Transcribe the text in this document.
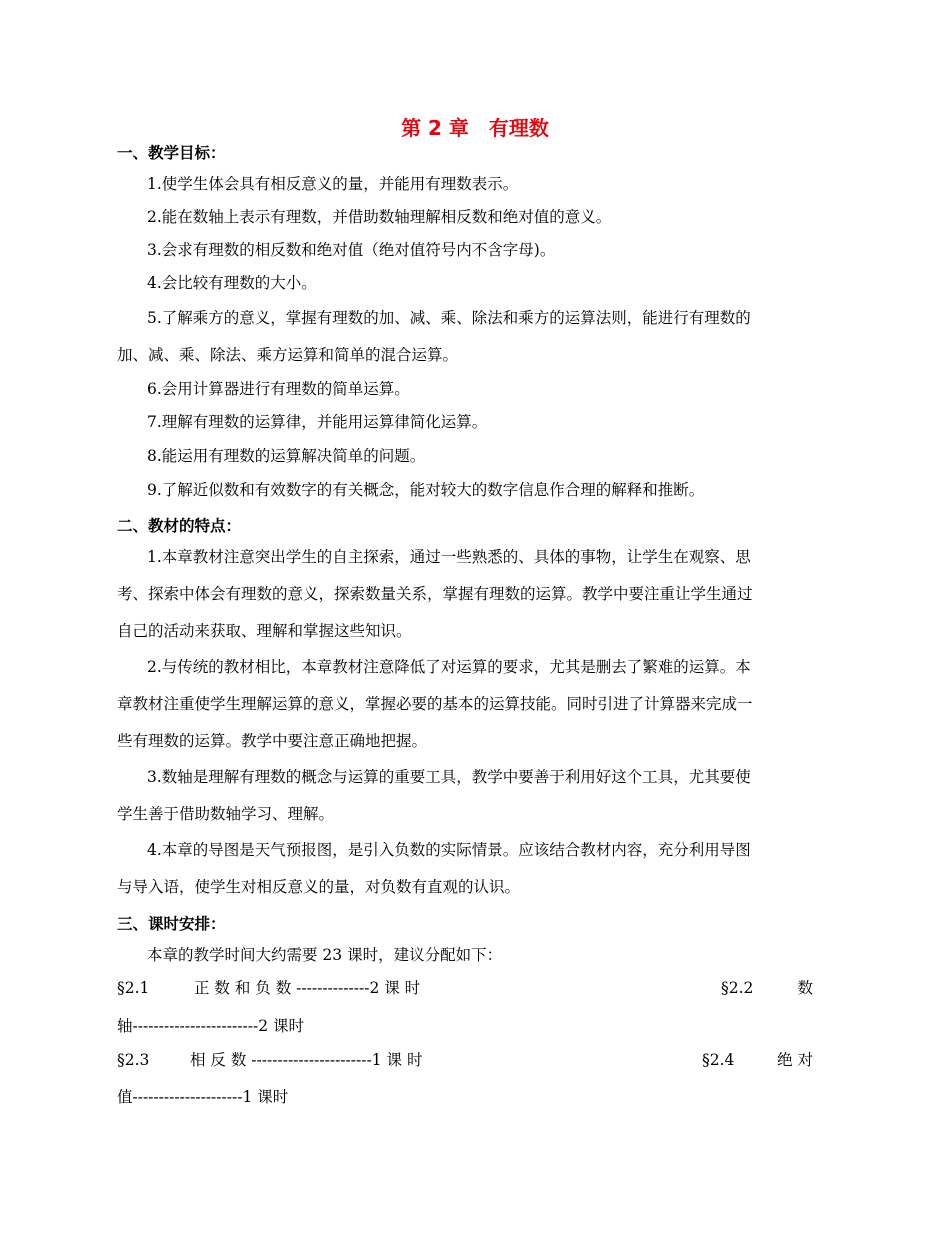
第 2 章　有理数
一、教学目标：
1.使学生体会具有相反意义的量，并能用有理数表示。
2.能在数轴上表示有理数，并借助数轴理解相反数和绝对值的意义。
3.会求有理数的相反数和绝对值（绝对值符号内不含字母)。
4.会比较有理数的大小。
5.了解乘方的意义，掌握有理数的加、减、乘、除法和乘方的运算法则，能进行有理数的
加、减、乘、除法、乘方运算和简单的混合运算。
6.会用计算器进行有理数的简单运算。
7.理解有理数的运算律，并能用运算律简化运算。
8.能运用有理数的运算解决简单的问题。
9.了解近似数和有效数字的有关概念，能对较大的数字信息作合理的解释和推断。
二、教材的特点：
1.本章教材注意突出学生的自主探索，通过一些熟悉的、具体的事物，让学生在观察、思
考、探索中体会有理数的意义，探索数量关系，掌握有理数的运算。教学中要注重让学生通过
自己的活动来获取、理解和掌握这些知识。
2.与传统的教材相比，本章教材注意降低了对运算的要求，尤其是删去了繁难的运算。本
章教材注重使学生理解运算的意义，掌握必要的基本的运算技能。同时引进了计算器来完成一
些有理数的运算。教学中要注意正确地把握。
3.数轴是理解有理数的概念与运算的重要工具，教学中要善于利用好这个工具，尤其要使
学生善于借助数轴学习、理解。
4.本章的导图是天气预报图，是引入负数的实际情景。应该结合教材内容，充分利用导图
与导入语，使学生对相反意义的量，对负数有直观的认识。
三、课时安排：
本章的教学时间大约需要 23 课时，建议分配如下：
§2.1	正 数 和 负 数 --------------2 课 时	§2.2	数
轴------------------------2 课时
§2.3	相 反 数 -----------------------1 课 时	§2.4	绝 对
值---------------------1 课时
